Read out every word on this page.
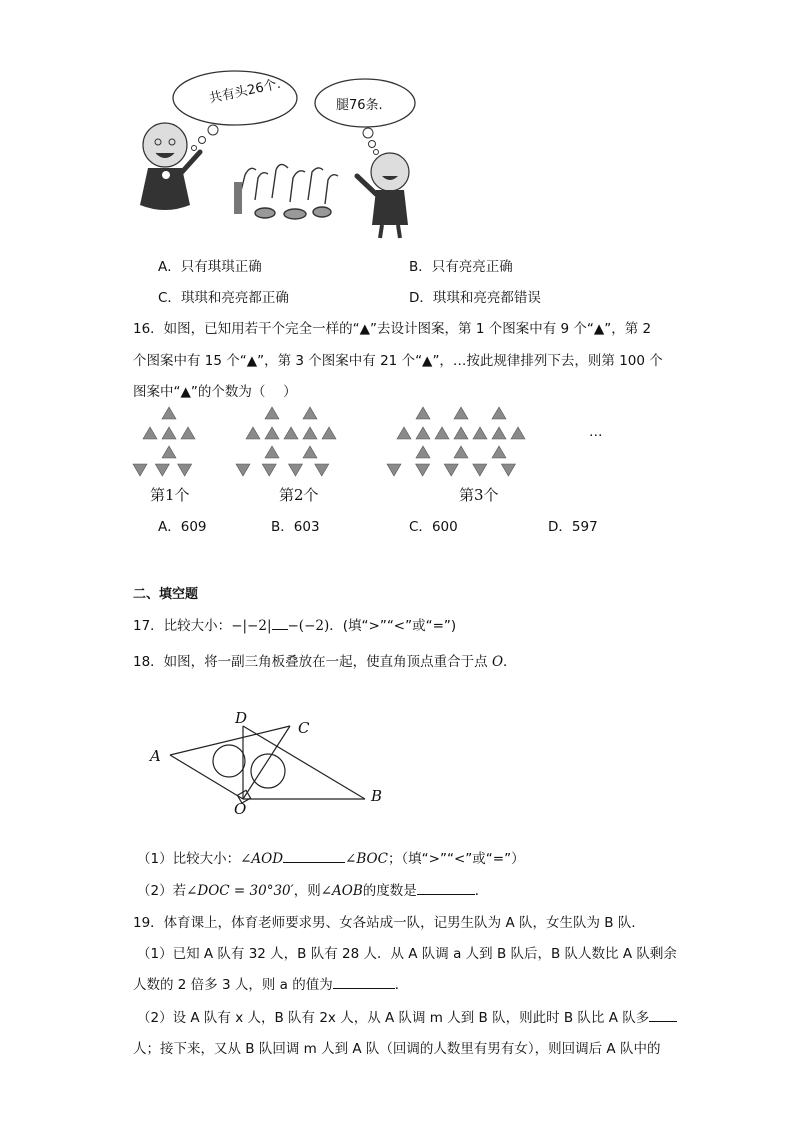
共有头26个.	腿76条.
A．只有琪琪正确	B．只有亮亮正确
C．琪琪和亮亮都正确	D．琪琪和亮亮都错误
16．如图，已知用若干个完全一样的“▲”去设计图案，第 1 个图案中有 9 个“▲”，第 2
个图案中有 15 个“▲”，第 3 个图案中有 21 个“▲”，…按此规律排列下去，则第 100 个
图案中“▲”的个数为（　 ）
…
第1个	第2个	第3个
A．609	B．603	C．600	D．597
二、填空题
17．比较大小：−|−2| −(−2)．(填“>”“<”或“=”)
18．如图，将一副三角板叠放在一起，使直角顶点重合于点 O．
A
D
C
B
O
（1）比较大小：∠AOD	∠BOC；（填“>”“<”或“=”）
（2）若∠DOC = 30°30′，则∠AOB的度数是	．
19．体育课上，体育老师要求男、女各站成一队，记男生队为 A 队，女生队为 B 队．
（1）已知 A 队有 32 人，B 队有 28 人．从 A 队调 a 人到 B 队后，B 队人数比 A 队剩余
人数的 2 倍多 3 人，则 a 的值为	．
（2）设 A 队有 x 人，B 队有 2x 人，从 A 队调 m 人到 B 队，则此时 B 队比 A 队多
人；接下来，又从 B 队回调 m 人到 A 队（回调的人数里有男有女），则回调后 A 队中的
